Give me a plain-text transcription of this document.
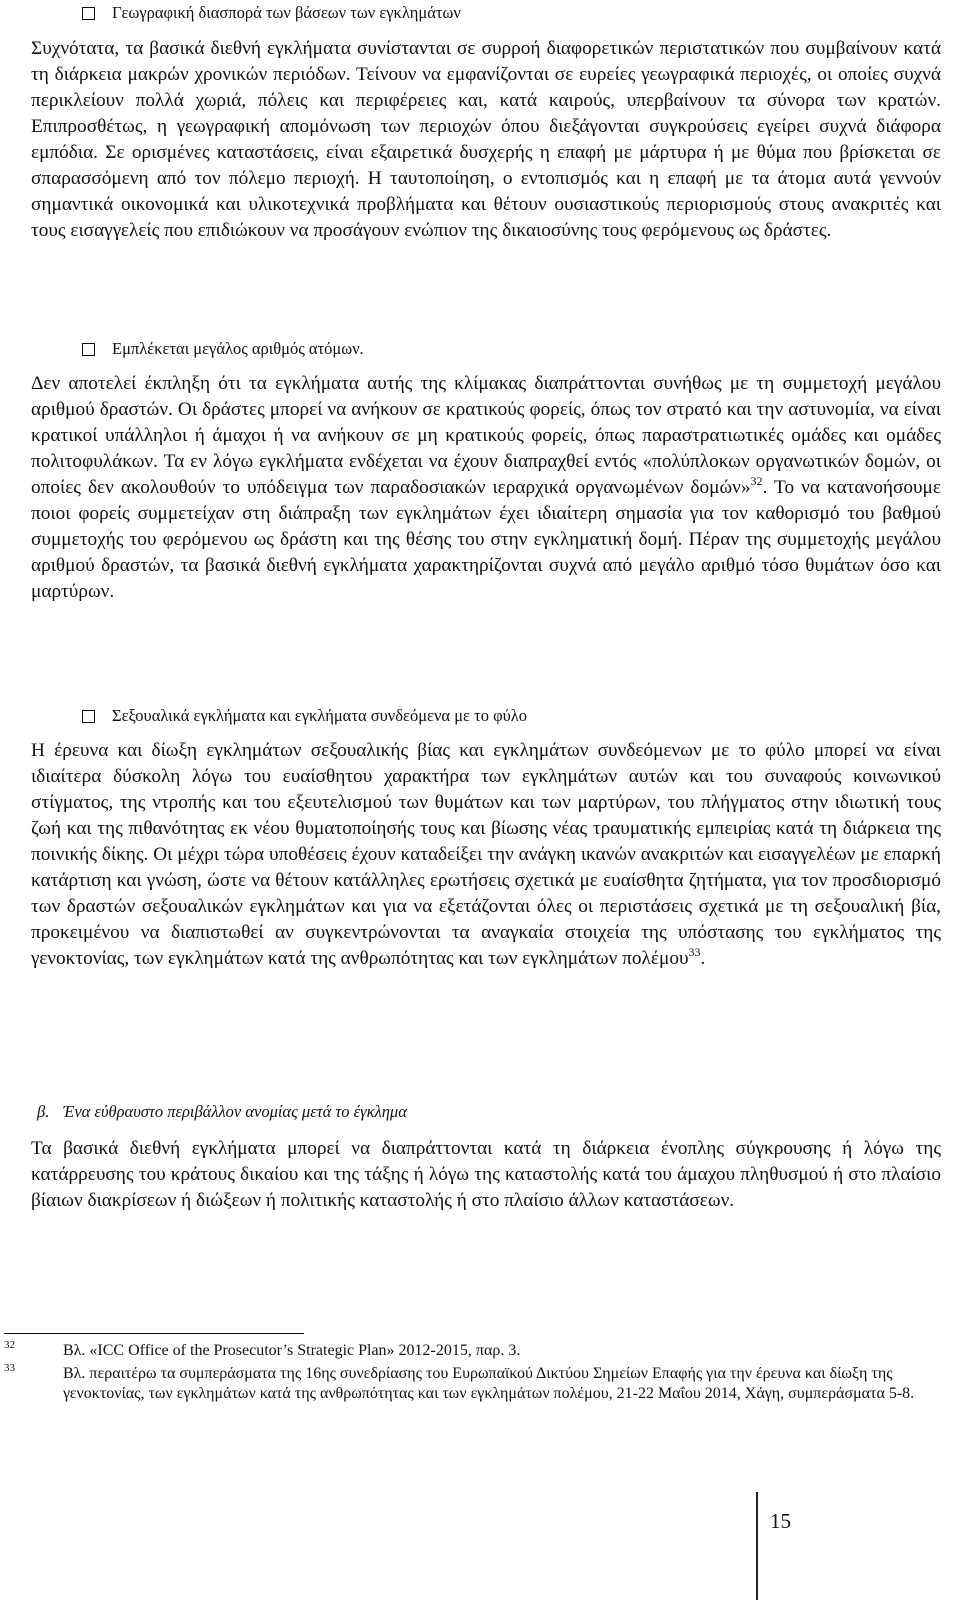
Γεωγραφική διασπορά των βάσεων των εγκλημάτων

Συχνότατα, τα βασικά διεθνή εγκλήματα συνίστανται σε συρροή διαφορετικών περιστατικών που συμβαίνουν κατά τη διάρκεια μακρών χρονικών περιόδων. Τείνουν να εμφανίζονται σε ευρείες γεωγραφικά περιοχές, οι οποίες συχνά περικλείουν πολλά χωριά, πόλεις και περιφέρειες και, κατά καιρούς, υπερβαίνουν τα σύνορα των κρατών. Επιπροσθέτως, η γεωγραφική απομόνωση των περιοχών όπου διεξάγονται συγκρούσεις εγείρει συχνά διάφορα εμπόδια. Σε ορισμένες καταστάσεις, είναι εξαιρετικά δυσχερής η επαφή με μάρτυρα ή με θύμα που βρίσκεται σε σπαρασσόμενη από τον πόλεμο περιοχή. Η ταυτοποίηση, ο εντοπισμός και η επαφή με τα άτομα αυτά γεννούν σημαντικά οικονομικά και υλικοτεχνικά προβλήματα και θέτουν ουσιαστικούς περιορισμούς στους ανακριτές και τους εισαγγελείς που επιδιώκουν να προσάγουν ενώπιον της δικαιοσύνης τους φερόμενους ως δράστες.

Εμπλέκεται μεγάλος αριθμός ατόμων.

Δεν αποτελεί έκπληξη ότι τα εγκλήματα αυτής της κλίμακας διαπράττονται συνήθως με τη συμμετοχή μεγάλου αριθμού δραστών. Οι δράστες μπορεί να ανήκουν σε κρατικούς φορείς, όπως τον στρατό και την αστυνομία, να είναι κρατικοί υπάλληλοι ή άμαχοι ή να ανήκουν σε μη κρατικούς φορείς, όπως παραστρατιωτικές ομάδες και ομάδες πολιτοφυλάκων. Τα εν λόγω εγκλήματα ενδέχεται να έχουν διαπραχθεί εντός «πολύπλοκων οργανωτικών δομών, οι οποίες δεν ακολουθούν το υπόδειγμα των παραδοσιακών ιεραρχικά οργανωμένων δομών»$^{32}$. Το να κατανοήσουμε ποιοι φορείς συμμετείχαν στη διάπραξη των εγκλημάτων έχει ιδιαίτερη σημασία για τον καθορισμό του βαθμού συμμετοχής του φερόμενου ως δράστη και της θέσης του στην εγκληματική δομή. Πέραν της συμμετοχής μεγάλου αριθμού δραστών, τα βασικά διεθνή εγκλήματα χαρακτηρίζονται συχνά από μεγάλο αριθμό τόσο θυμάτων όσο και μαρτύρων.

Σεξουαλικά εγκλήματα και εγκλήματα συνδεόμενα με το φύλο

Η έρευνα και δίωξη εγκλημάτων σεξουαλικής βίας και εγκλημάτων συνδεόμενων με το φύλο μπορεί να είναι ιδιαίτερα δύσκολη λόγω του ευαίσθητου χαρακτήρα των εγκλημάτων αυτών και του συναφούς κοινωνικού στίγματος, της ντροπής και του εξευτελισμού των θυμάτων και των μαρτύρων, του πλήγματος στην ιδιωτική τους ζωή και της πιθανότητας εκ νέου θυματοποίησής τους και βίωσης νέας τραυματικής εμπειρίας κατά τη διάρκεια της ποινικής δίκης. Οι μέχρι τώρα υποθέσεις έχουν καταδείξει την ανάγκη ικανών ανακριτών και εισαγγελέων με επαρκή κατάρτιση και γνώση, ώστε να θέτουν κατάλληλες ερωτήσεις σχετικά με ευαίσθητα ζητήματα, για τον προσδιορισμό των δραστών σεξουαλικών εγκλημάτων και για να εξετάζονται όλες οι περιστάσεις σχετικά με τη σεξουαλική βία, προκειμένου να διαπιστωθεί αν συγκεντρώνονται τα αναγκαία στοιχεία της υπόστασης του εγκλήματος της γενοκτονίας, των εγκλημάτων κατά της ανθρωπότητας και των εγκλημάτων πολέμου$^{33}$.

β. Ένα εύθραυστο περιβάλλον ανομίας μετά το έγκλημα

Τα βασικά διεθνή εγκλήματα μπορεί να διαπράττονται κατά τη διάρκεια ένοπλης σύγκρουσης ή λόγω της κατάρρευσης του κράτους δικαίου και της τάξης ή λόγω της καταστολής κατά του άμαχου πληθυσμού ή στο πλαίσιο βίαιων διακρίσεων ή διώξεων ή πολιτικής καταστολής ή στο πλαίσιο άλλων καταστάσεων.

32	Βλ. «ICC Office of the Prosecutor’s Strategic Plan» 2012-2015, παρ. 3.
33	Βλ. περαιτέρω τα συμπεράσματα της 16ης συνεδρίασης του Ευρωπαϊκού Δικτύου Σημείων Επαφής για την έρευνα και δίωξη της γενοκτονίας, των εγκλημάτων κατά της ανθρωπότητας και των εγκλημάτων πολέμου, 21-22 Μαΐου 2014, Χάγη, συμπεράσματα 5-8.
15
